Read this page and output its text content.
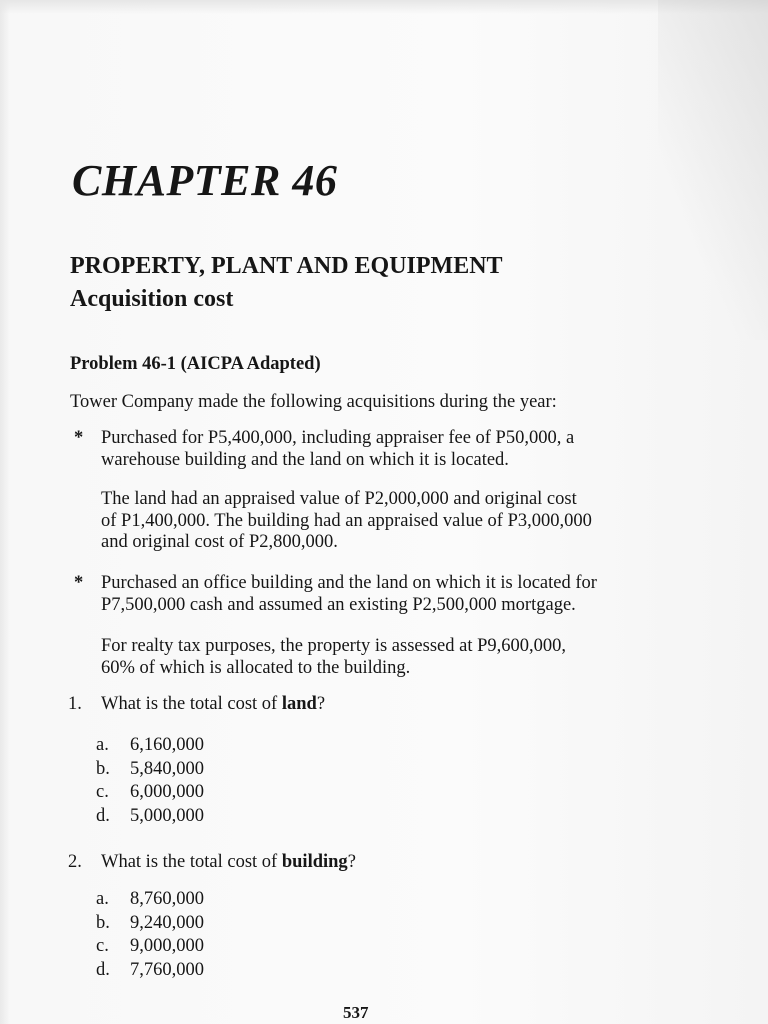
CHAPTER 46
PROPERTY, PLANT AND EQUIPMENT
Acquisition cost
Problem 46-1 (AICPA Adapted)
Tower Company made the following acquisitions during the year:
* Purchased for P5,400,000, including appraiser fee of P50,000, a
warehouse building and the land on which it is located.
The land had an appraised value of P2,000,000 and original cost
of P1,400,000. The building had an appraised value of P3,000,000
and original cost of P2,800,000.
* Purchased an office building and the land on which it is located for
P7,500,000 cash and assumed an existing P2,500,000 mortgage.
For realty tax purposes, the property is assessed at P9,600,000,
60% of which is allocated to the building.
1. What is the total cost of land?
a. 6,160,000
b. 5,840,000
c. 6,000,000
d. 5,000,000
2. What is the total cost of building?
a. 8,760,000
b. 9,240,000
c. 9,000,000
d. 7,760,000
537
